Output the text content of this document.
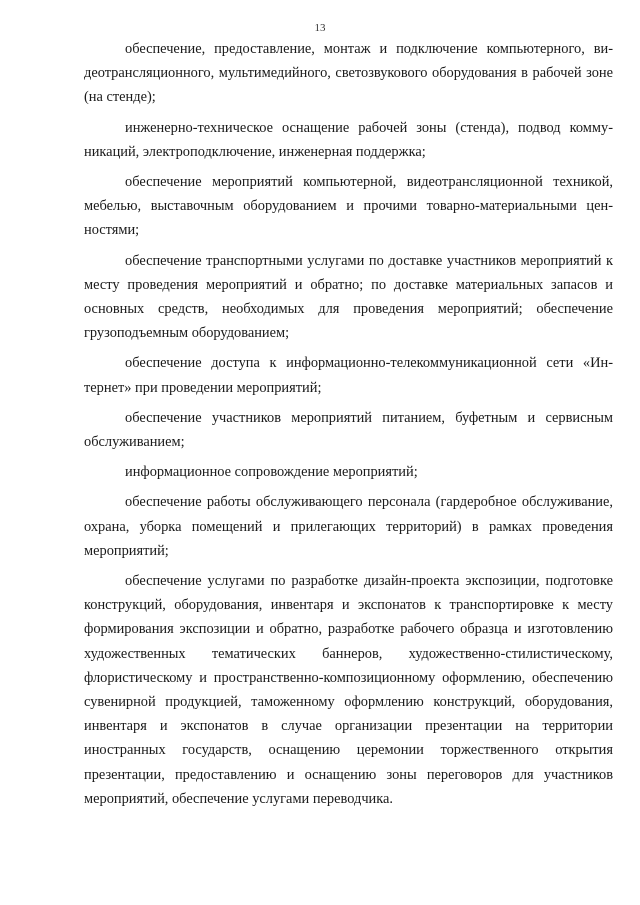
13

обеспечение, предоставление, монтаж и подключение компьютерного, видеотрансляционного, мультимедийного, светозвукового оборудования в рабочей зоне (на стенде);

инженерно-техническое оснащение рабочей зоны (стенда), подвод коммуникаций, электроподключение, инженерная поддержка;

обеспечение мероприятий компьютерной, видеотрансляционной техникой, мебелью, выставочным оборудованием и прочими товарно-материальными ценностями;

обеспечение транспортными услугами по доставке участников мероприятий к месту проведения мероприятий и обратно; по доставке материальных запасов и основных средств, необходимых для проведения мероприятий; обеспечение грузоподъемным оборудованием;

обеспечение доступа к информационно-телекоммуникационной сети «Интернет» при проведении мероприятий;

обеспечение участников мероприятий питанием, буфетным и сервисным обслуживанием;

информационное сопровождение мероприятий;

обеспечение работы обслуживающего персонала (гардеробное обслуживание, охрана, уборка помещений и прилегающих территорий) в рамках проведения мероприятий;

обеспечение услугами по разработке дизайн-проекта экспозиции, подготовке конструкций, оборудования, инвентаря и экспонатов к транспортировке к месту формирования экспозиции и обратно, разработке рабочего образца и изготовлению художественных тематических баннеров, художественно-стилистическому, флористическому и пространственно-композиционному оформлению, обеспечению сувенирной продукцией, таможенному оформлению конструкций, оборудования, инвентаря и экспонатов в случае организации презентации на территории иностранных государств, оснащению церемонии торжественного открытия презентации, предоставлению и оснащению зоны переговоров для участников мероприятий, обеспечение услугами переводчика.
